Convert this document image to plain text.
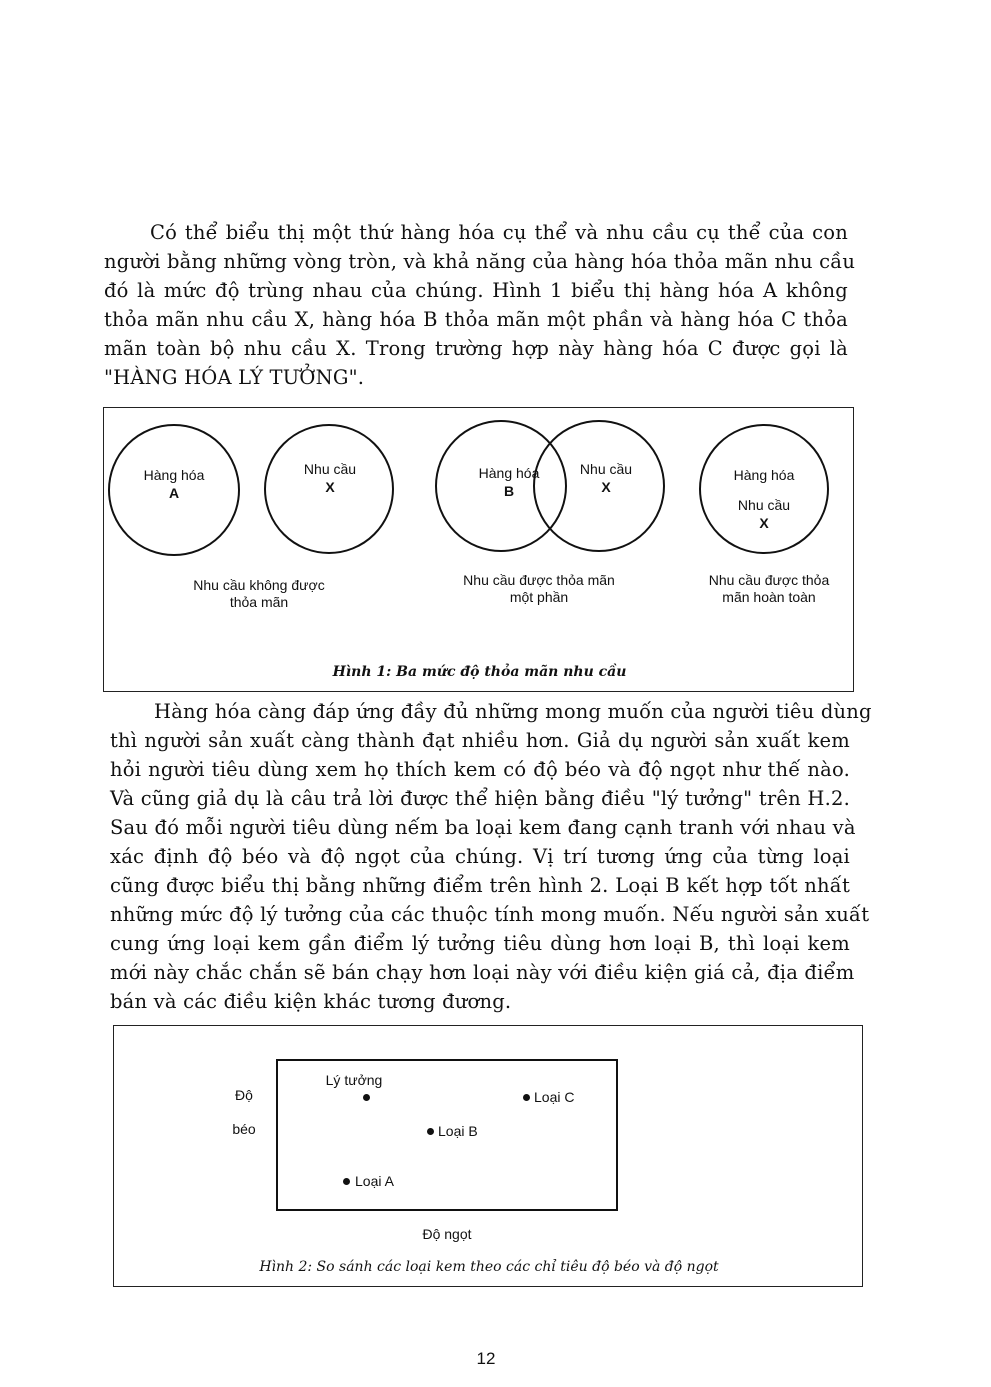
Có thể biểu thị một thứ hàng hóa cụ thể và nhu cầu cụ thể của con
người bằng những vòng tròn, và khả năng của hàng hóa thỏa mãn nhu cầu
đó là mức độ trùng nhau của chúng. Hình 1 biểu thị hàng hóa A không
thỏa mãn nhu cầu X, hàng hóa B thỏa mãn một phần và hàng hóa C thỏa
mãn toàn bộ nhu cầu X. Trong trường hợp này hàng hóa C được gọi là
"HÀNG HÓA LÝ TƯỞNG".
Hàng hóa
A
Nhu cầu
X
Hàng hóa
B
Nhu cầu
X
Hàng hóa
Nhu cầu
X
Nhu cầu không được
thỏa mãn
Nhu cầu được thỏa mãn
một phần
Nhu cầu được thỏa
mãn hoàn toàn
Hình 1: Ba mức độ thỏa mãn nhu cầu
Hàng hóa càng đáp ứng đầy đủ những mong muốn của người tiêu dùng
thì người sản xuất càng thành đạt nhiều hơn. Giả dụ người sản xuất kem
hỏi người tiêu dùng xem họ thích kem có độ béo và độ ngọt như thế nào.
Và cũng giả dụ là câu trả lời được thể hiện bằng điều "lý tưởng" trên H.2.
Sau đó mỗi người tiêu dùng nếm ba loại kem đang cạnh tranh với nhau và
xác định độ béo và độ ngọt của chúng. Vị trí tương ứng của từng loại
cũng được biểu thị bằng những điểm trên hình 2. Loại B kết hợp tốt nhất
những mức độ lý tưởng của các thuộc tính mong muốn. Nếu người sản xuất
cung ứng loại kem gần điểm lý tưởng tiêu dùng hơn loại B, thì loại kem
mới này chắc chắn sẽ bán chạy hơn loại này với điều kiện giá cả, địa điểm
bán và các điều kiện khác tương đương.
Độ
béo
Lý tưởng
Loại C
Loại B
Loại A
Độ ngọt
Hình 2: So sánh các loại kem theo các chỉ tiêu độ béo và độ ngọt
12
